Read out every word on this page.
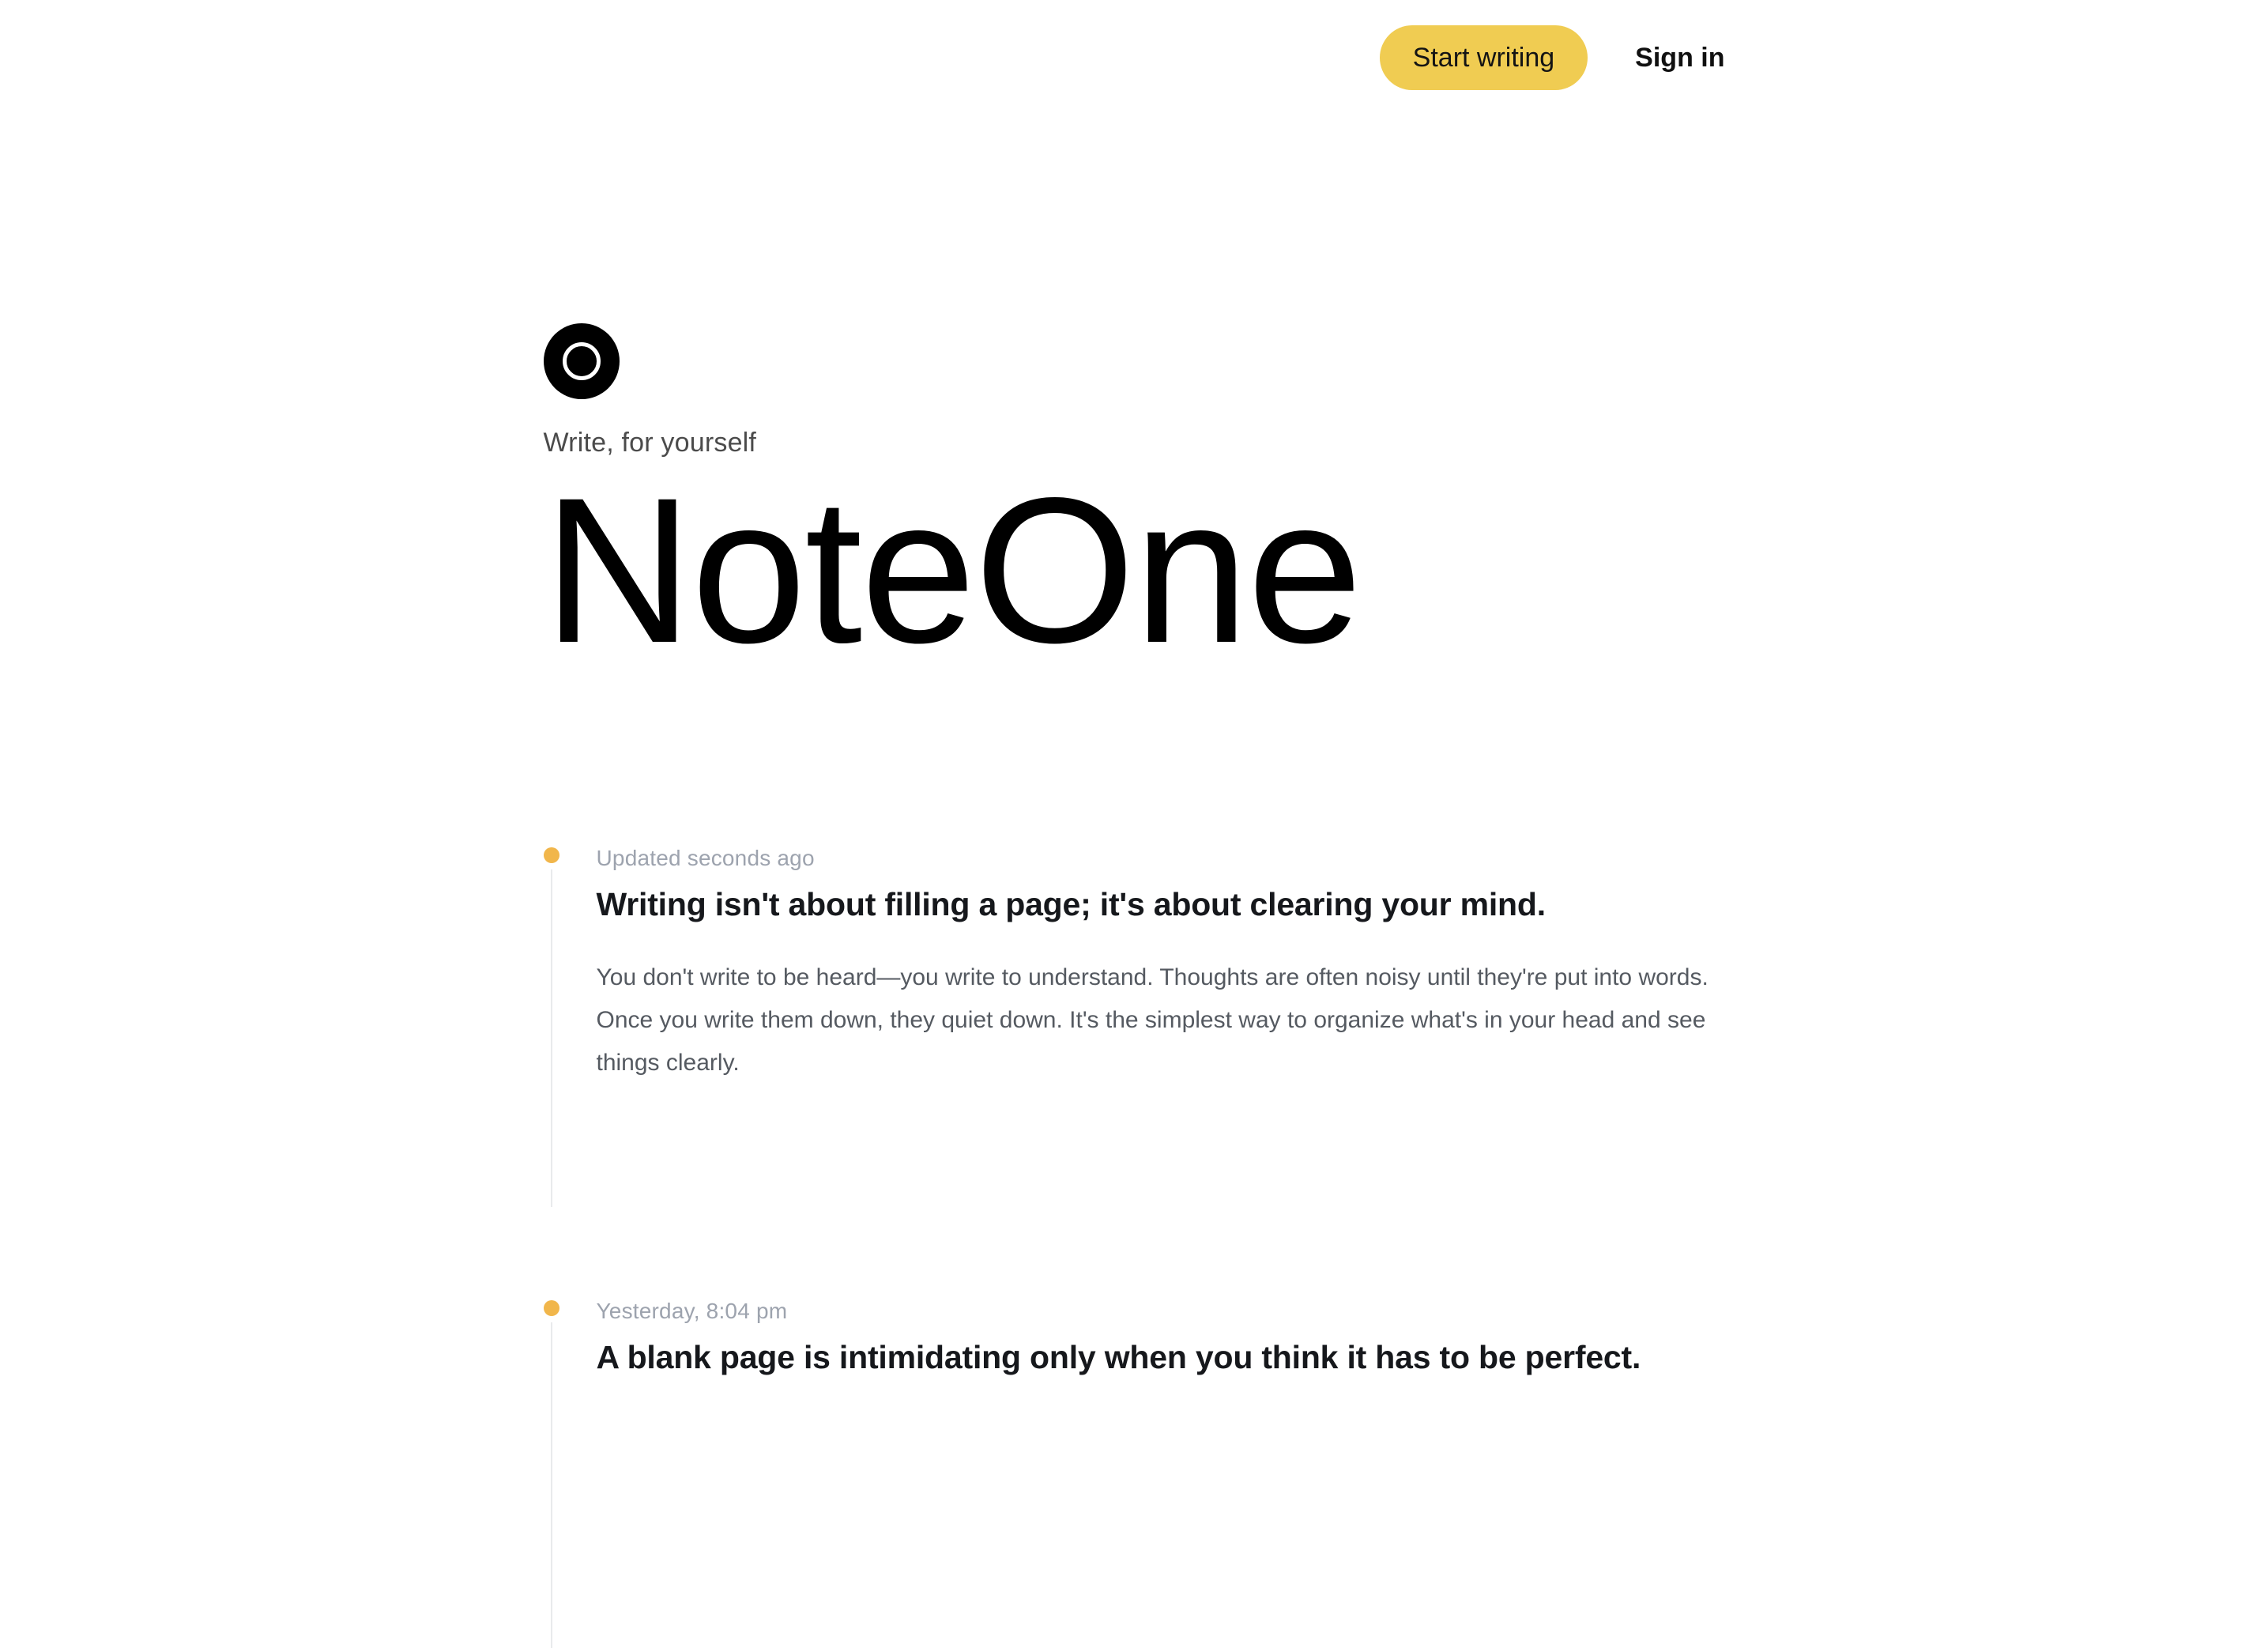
Start writing	Sign in

Write, for yourself

NoteOne

Updated seconds ago

Writing isn't about filling a page; it's about clearing your mind.

You don't write to be heard—you write to understand. Thoughts are often noisy until they're put into words. Once you write them down, they quiet down. It's the simplest way to organize what's in your head and see things clearly.

Yesterday, 8:04 pm

A blank page is intimidating only when you think it has to be perfect.
